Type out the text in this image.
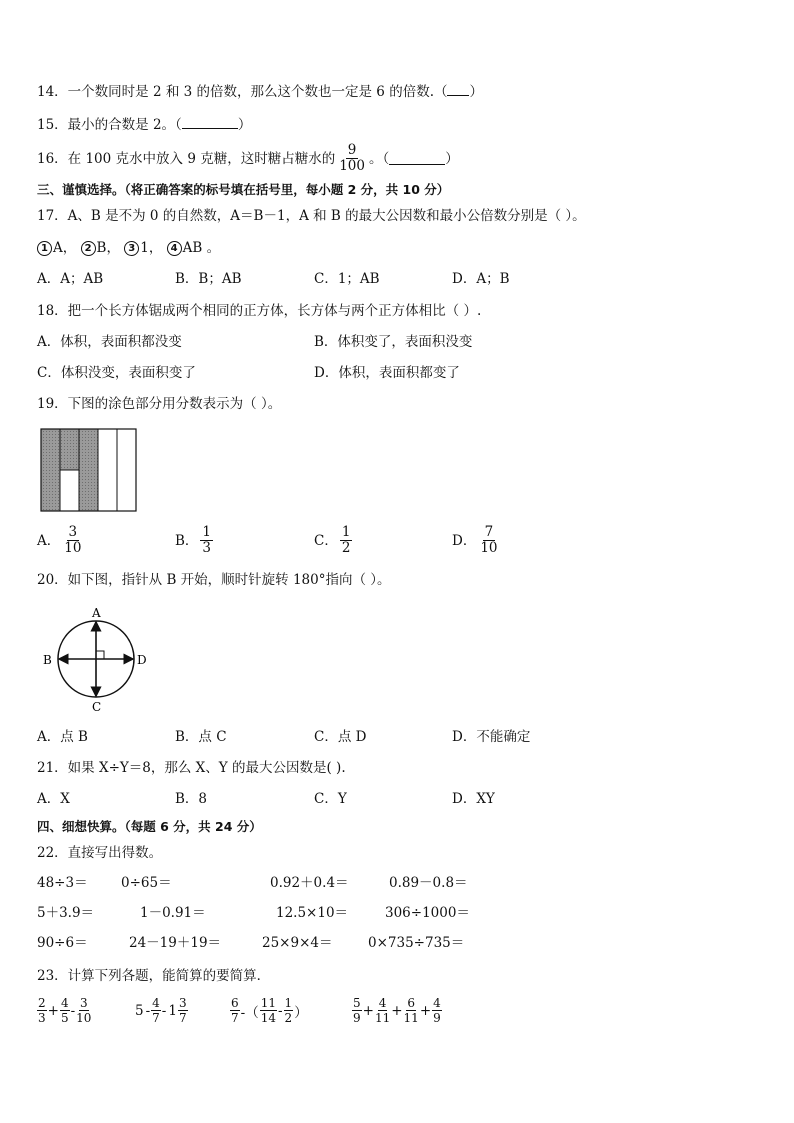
14．一个数同时是 2 和 3 的倍数，那么这个数也一定是 6 的倍数.（ ）
15．最小的合数是 2。（	）
16．在 100 克水中放入 9 克糖，这时糖占糖水的 $\frac{9}{100}$ 。（	）
三、谨慎选择。（将正确答案的标号填在括号里，每小题 2 分，共 10 分）
17．A、B 是不为 0 的自然数，A＝B－1，A 和 B 的最大公因数和最小公倍数分别是（ ）。
1 A， 2 B， 3 1， 4 AB 。
A．A；AB	B．B；AB	C．1；AB	D．A；B
18．把一个长方体锯成两个相同的正方体，长方体与两个正方体相比（ ）.
A．体积，表面积都没变	B．体积变了，表面积没变
C．体积没变，表面积变了	D．体积，表面积都变了
19．下图的涂色部分用分数表示为（ ）。
A． $\frac{3}{10}$	B． $\frac{1}{3}$	C． $\frac{1}{2}$	D． $\frac{7}{10}$
20．如下图，指针从 B 开始，顺时针旋转 180°指向（ ）。
A
B	D
C
A．点 B	B．点 C	C．点 D	D．不能确定
21．如果 X÷Y＝8，那么 X、Y 的最大公因数是( ).
A．X	B．8	C．Y	D．XY
四、细想快算。（每题 6 分，共 24 分）
22．直接写出得数。
48÷3＝ 0÷65＝	0.92＋0.4＝	0.89－0.8＝
5＋3.9＝	1－0.91＝	12.5×10＝	306÷1000＝
90÷6＝	24－19＋19＝	25×9×4＝	0×735÷735＝
23．计算下列各题，能简算的要简算．
2
$3 + \frac{4}{5} - 3$
10	5 - 4
7 - 1 3
7
6
7 -（
11
14 - 1
2 ）
5
$9 + \frac{4}{11} + \frac{6}{11} + \frac{4}{9}$
